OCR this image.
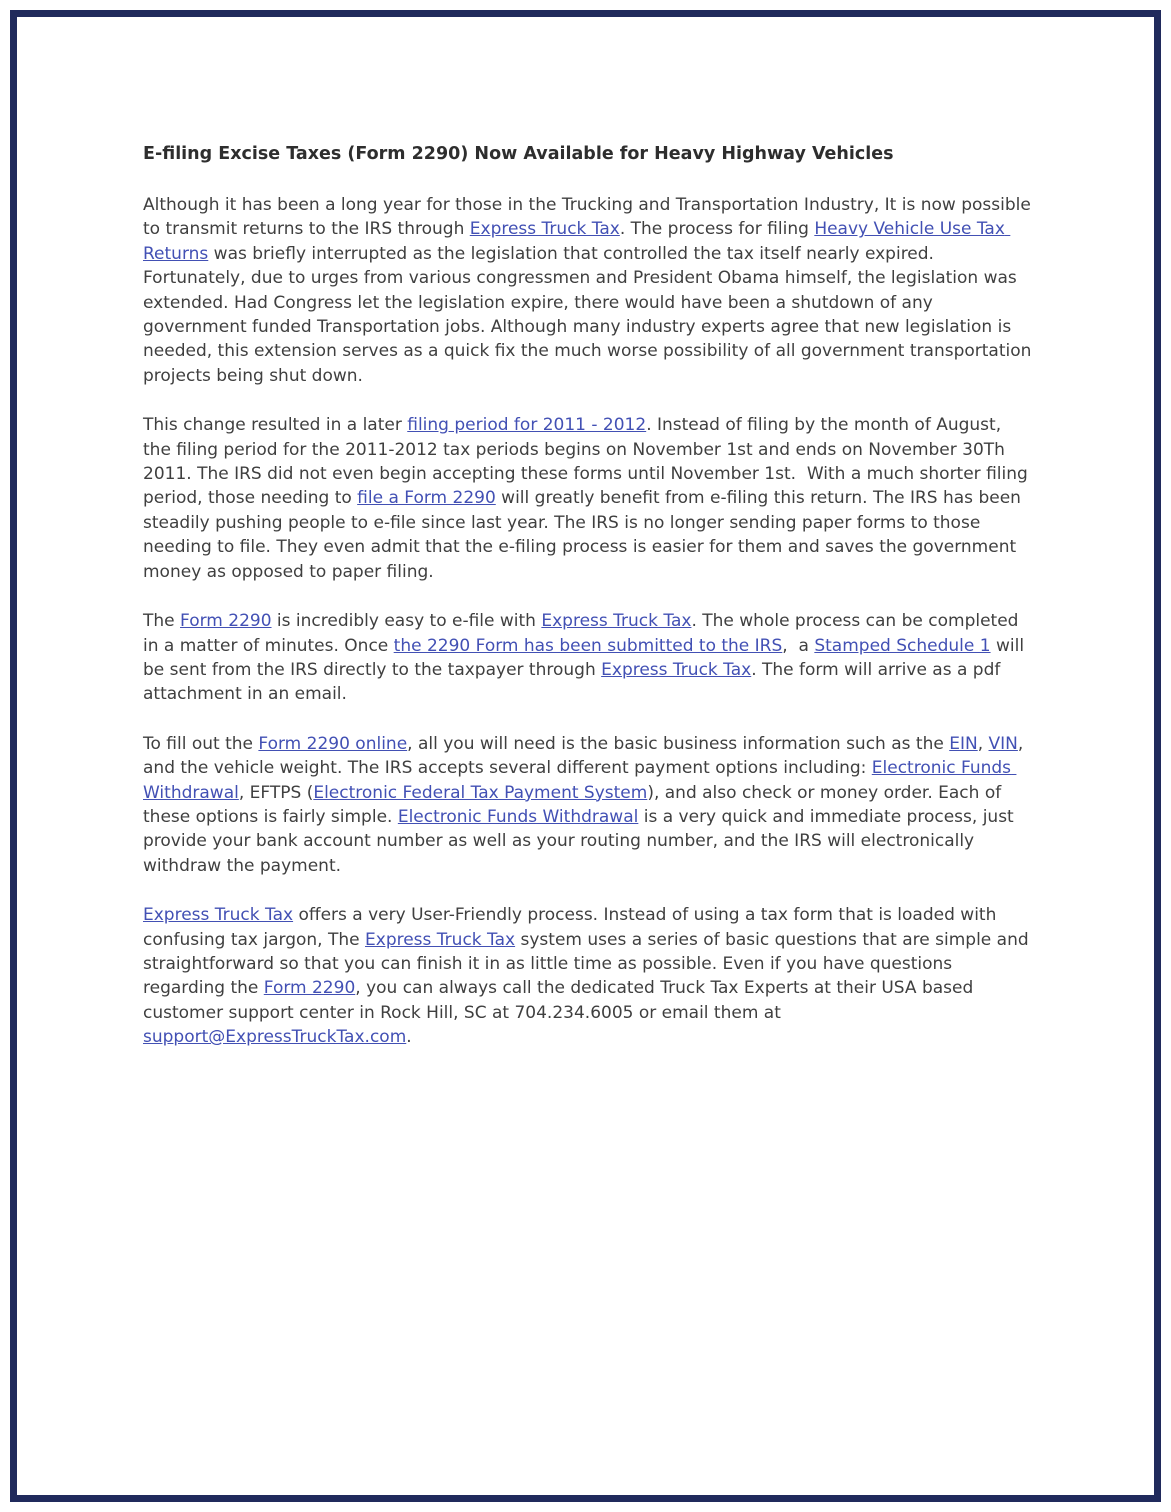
E-filing Excise Taxes (Form 2290) Now Available for Heavy Highway Vehicles

Although it has been a long year for those in the Trucking and Transportation Industry, It is now possible to transmit returns to the IRS through Express Truck Tax. The process for filing Heavy Vehicle Use Tax Returns was briefly interrupted as the legislation that controlled the tax itself nearly expired. Fortunately, due to urges from various congressmen and President Obama himself, the legislation was extended. Had Congress let the legislation expire, there would have been a shutdown of any government funded Transportation jobs. Although many industry experts agree that new legislation is needed, this extension serves as a quick fix the much worse possibility of all government transportation projects being shut down.

This change resulted in a later filing period for 2011 - 2012. Instead of filing by the month of August, the filing period for the 2011-2012 tax periods begins on November 1st and ends on November 30Th 2011. The IRS did not even begin accepting these forms until November 1st.  With a much shorter filing period, those needing to file a Form 2290 will greatly benefit from e-filing this return. The IRS has been steadily pushing people to e-file since last year. The IRS is no longer sending paper forms to those needing to file. They even admit that the e-filing process is easier for them and saves the government money as opposed to paper filing.

The Form 2290 is incredibly easy to e-file with Express Truck Tax. The whole process can be completed in a matter of minutes. Once the 2290 Form has been submitted to the IRS,  a Stamped Schedule 1 will be sent from the IRS directly to the taxpayer through Express Truck Tax. The form will arrive as a pdf attachment in an email.

To fill out the Form 2290 online, all you will need is the basic business information such as the EIN, VIN, and the vehicle weight. The IRS accepts several different payment options including: Electronic Funds Withdrawal, EFTPS (Electronic Federal Tax Payment System), and also check or money order. Each of these options is fairly simple. Electronic Funds Withdrawal is a very quick and immediate process, just provide your bank account number as well as your routing number, and the IRS will electronically withdraw the payment.

Express Truck Tax offers a very User-Friendly process. Instead of using a tax form that is loaded with confusing tax jargon, The Express Truck Tax system uses a series of basic questions that are simple and straightforward so that you can finish it in as little time as possible. Even if you have questions regarding the Form 2290, you can always call the dedicated Truck Tax Experts at their USA based customer support center in Rock Hill, SC at 704.234.6005 or email them at support@ExpressTruckTax.com.
